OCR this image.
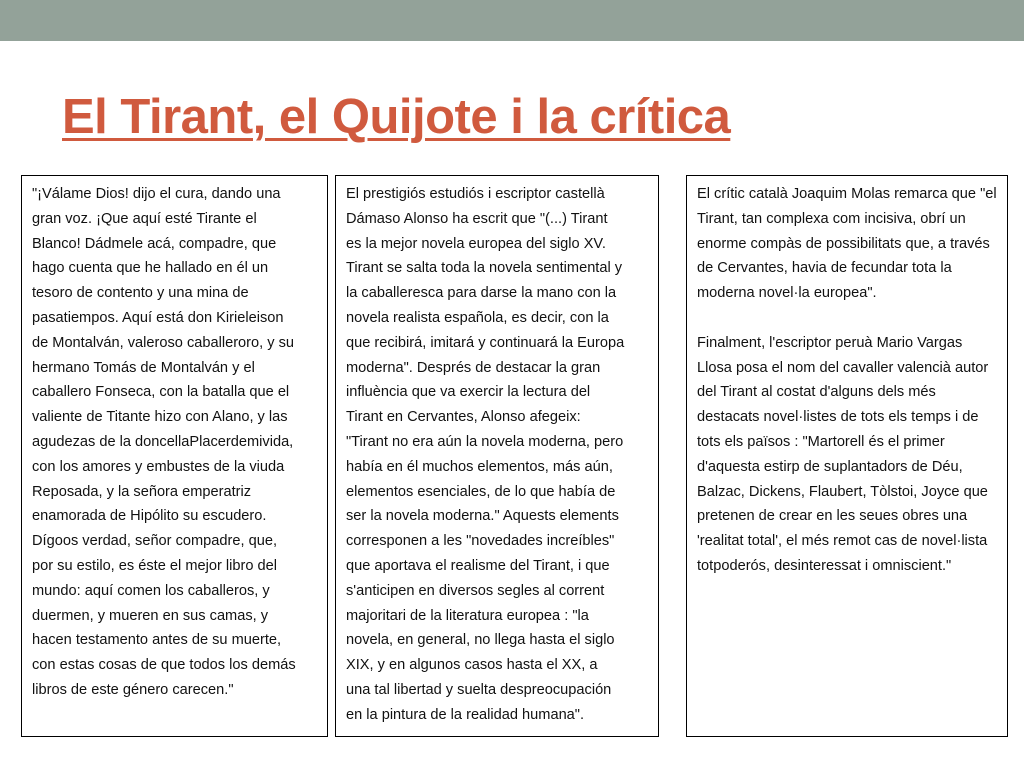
El Tirant, el Quijote i la crítica

"¡Válame Dios! dijo el cura, dando una
gran voz. ¡Que aquí esté Tirante el
Blanco! Dádmele acá, compadre, que
hago cuenta que he hallado en él un
tesoro de contento y una mina de
pasatiempos. Aquí está don Kirieleison
de Montalván, valeroso caballeroro, y su
hermano Tomás de Montalván y el
caballero Fonseca, con la batalla que el
valiente de Titante hizo con Alano, y las
agudezas de la doncellaPlacerdemivida,
con los amores y embustes de la viuda
Reposada, y la señora emperatriz
enamorada de Hipólito su escudero.
Dígoos verdad, señor compadre, que,
por su estilo, es éste el mejor libro del
mundo: aquí comen los caballeros, y
duermen, y mueren en sus camas, y
hacen testamento antes de su muerte,
con estas cosas de que todos los demás
libros de este género carecen."

El prestigiós estudiós i escriptor castellà
Dámaso Alonso ha escrit que "(...) Tirant
es la mejor novela europea del siglo XV.
Tirant se salta toda la novela sentimental y
la caballeresca para darse la mano con la
novela realista española, es decir, con la
que recibirá, imitará y continuará la Europa
moderna". Després de destacar la gran
influència que va exercir la lectura del
Tirant en Cervantes, Alonso afegeix:
"Tirant no era aún la novela moderna, pero
había en él muchos elementos, más aún,
elementos esenciales, de lo que había de
ser la novela moderna." Aquests elements
corresponen a les "novedades increíbles"
que aportava el realisme del Tirant, i que
s'anticipen en diversos segles al corrent
majoritari de la literatura europea : "la
novela, en general, no llega hasta el siglo
XIX, y en algunos casos hasta el XX, a
una tal libertad y suelta despreocupación
en la pintura de la realidad humana".

El crític català Joaquim Molas remarca que "el
Tirant, tan complexa com incisiva, obrí un
enorme compàs de possibilitats que, a través
de Cervantes, havia de fecundar tota la
moderna novel·la europea".

Finalment, l'escriptor peruà Mario Vargas
Llosa posa el nom del cavaller valencià autor
del Tirant al costat d'alguns dels més
destacats novel·listes de tots els temps i de
tots els països : "Martorell és el primer
d'aquesta estirp de suplantadors de Déu,
Balzac, Dickens, Flaubert, Tòlstoi, Joyce que
pretenen de crear en les seues obres una
'realitat total', el més remot cas de novel·lista
totpoderós, desinteressat i omniscient."
